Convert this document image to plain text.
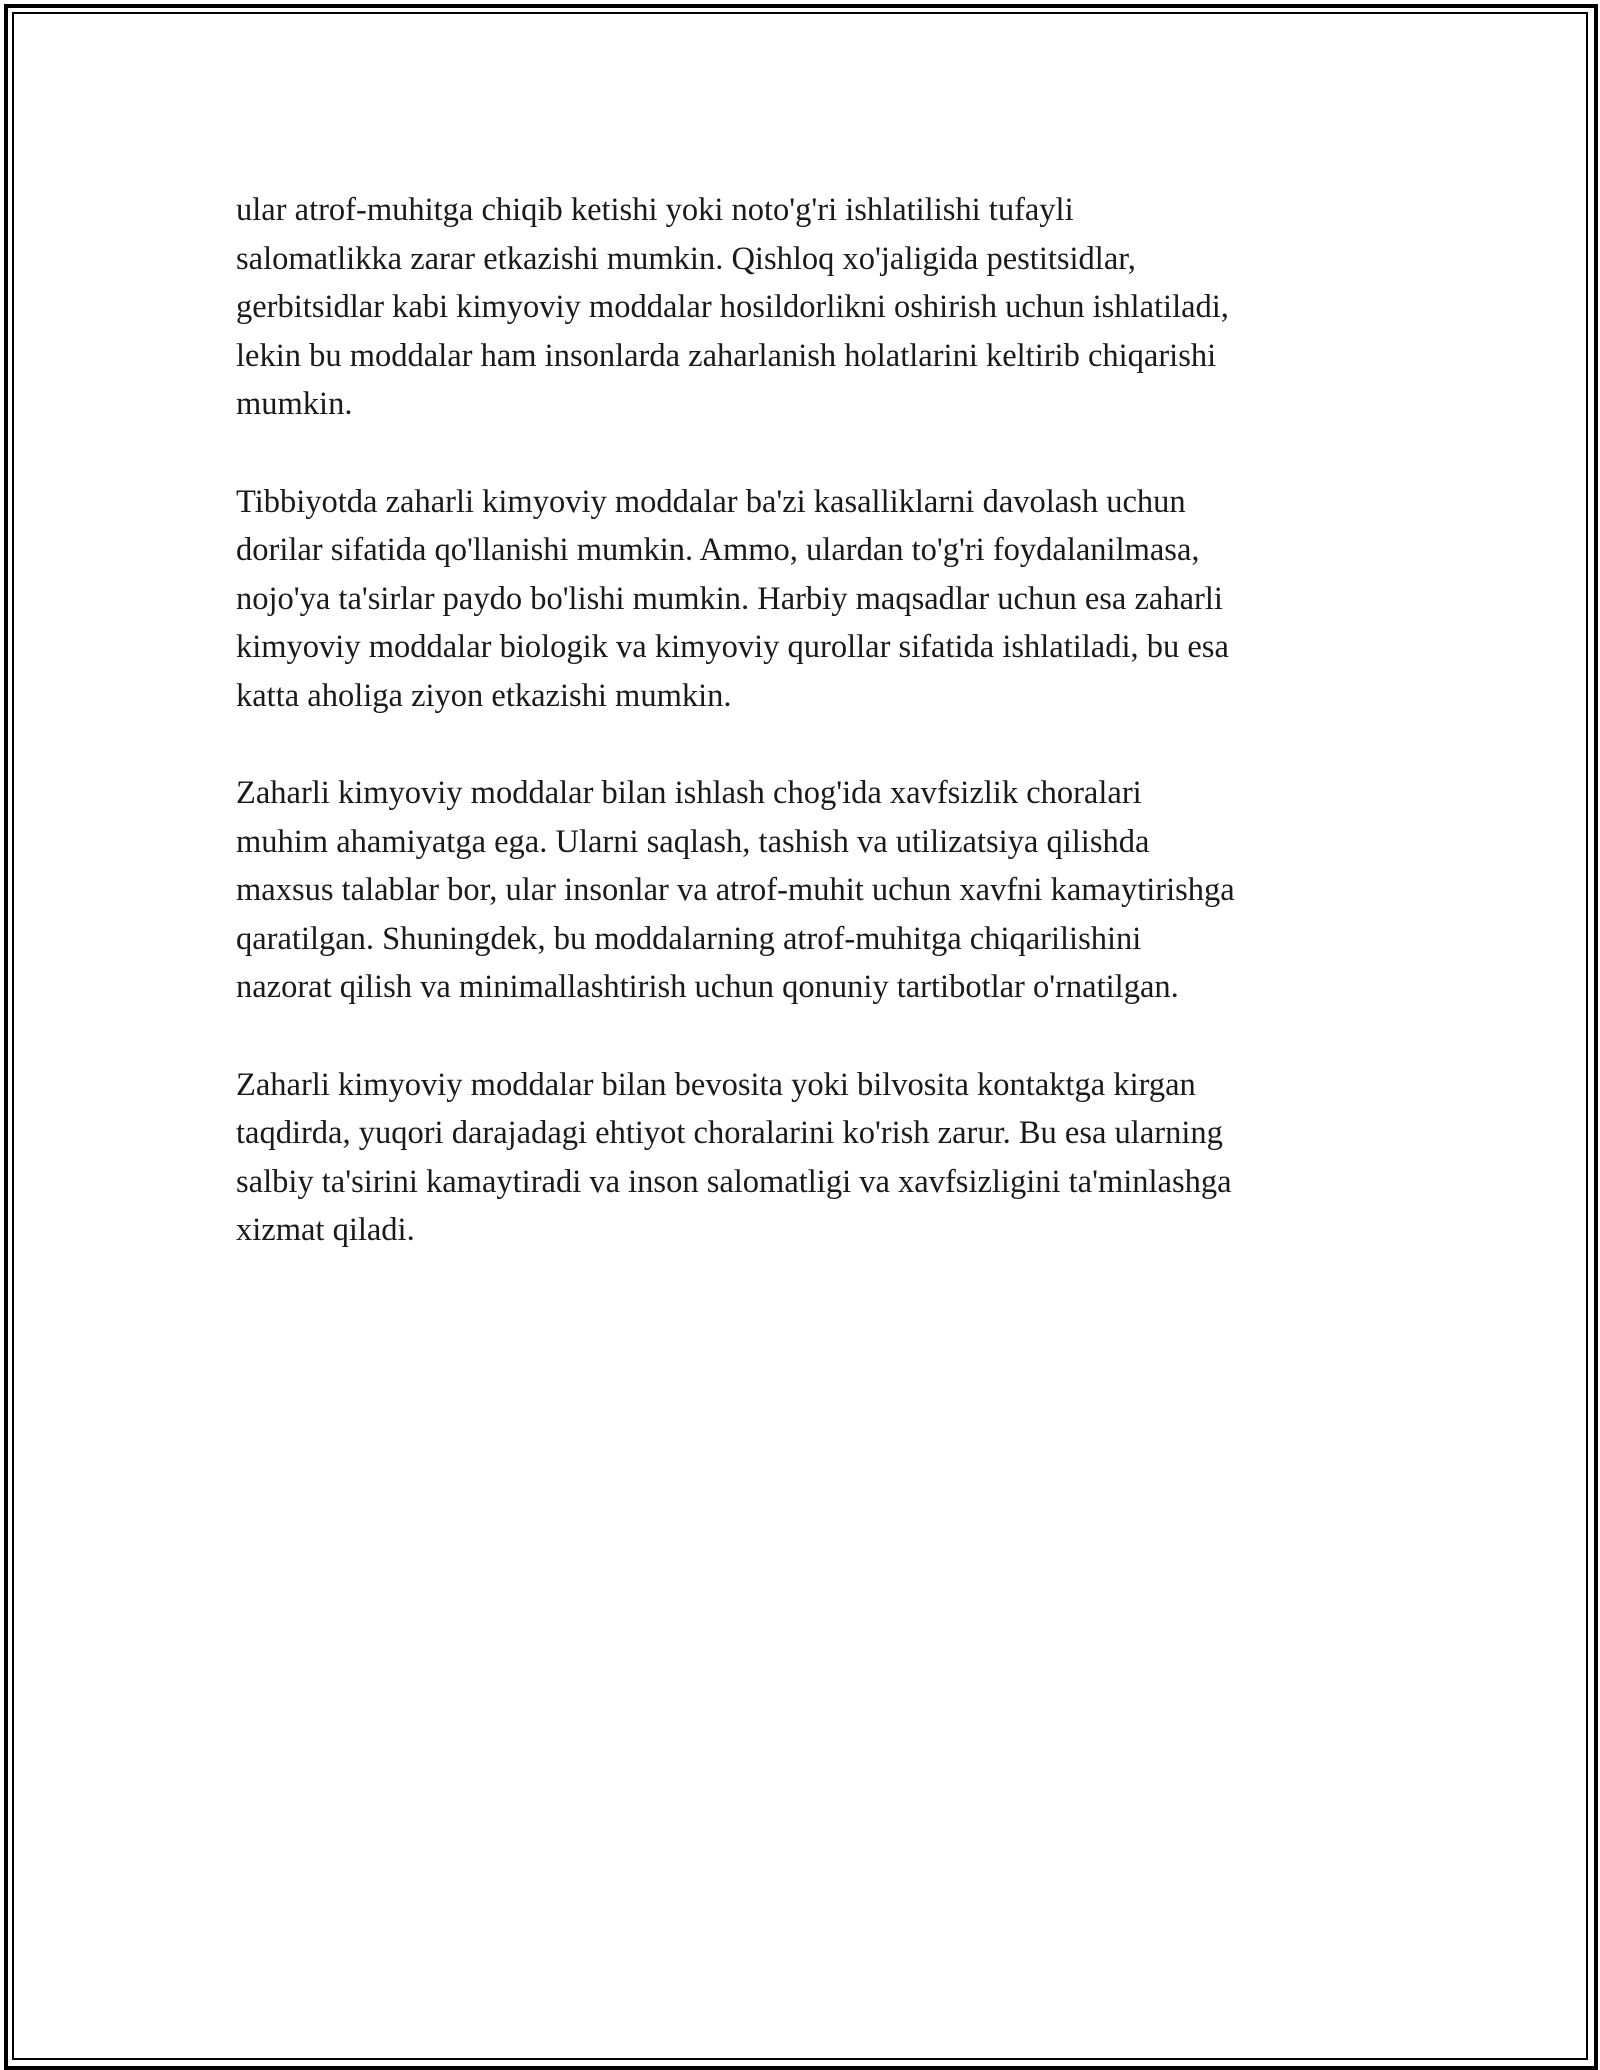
ular atrof-muhitga chiqib ketishi yoki noto'g'ri ishlatilishi tufayli
salomatlikka zarar etkazishi mumkin. Qishloq xo'jaligida pestitsidlar,
gerbitsidlar kabi kimyoviy moddalar hosildorlikni oshirish uchun ishlatiladi,
lekin bu moddalar ham insonlarda zaharlanish holatlarini keltirib chiqarishi
mumkin.

Tibbiyotda zaharli kimyoviy moddalar ba'zi kasalliklarni davolash uchun
dorilar sifatida qo'llanishi mumkin. Ammo, ulardan to'g'ri foydalanilmasa,
nojo'ya ta'sirlar paydo bo'lishi mumkin. Harbiy maqsadlar uchun esa zaharli
kimyoviy moddalar biologik va kimyoviy qurollar sifatida ishlatiladi, bu esa
katta aholiga ziyon etkazishi mumkin.

Zaharli kimyoviy moddalar bilan ishlash chog'ida xavfsizlik choralari
muhim ahamiyatga ega. Ularni saqlash, tashish va utilizatsiya qilishda
maxsus talablar bor, ular insonlar va atrof-muhit uchun xavfni kamaytirishga
qaratilgan. Shuningdek, bu moddalarning atrof-muhitga chiqarilishini
nazorat qilish va minimallashtirish uchun qonuniy tartibotlar o'rnatilgan.

Zaharli kimyoviy moddalar bilan bevosita yoki bilvosita kontaktga kirgan
taqdirda, yuqori darajadagi ehtiyot choralarini ko'rish zarur. Bu esa ularning
salbiy ta'sirini kamaytiradi va inson salomatligi va xavfsizligini ta'minlashga
xizmat qiladi.
